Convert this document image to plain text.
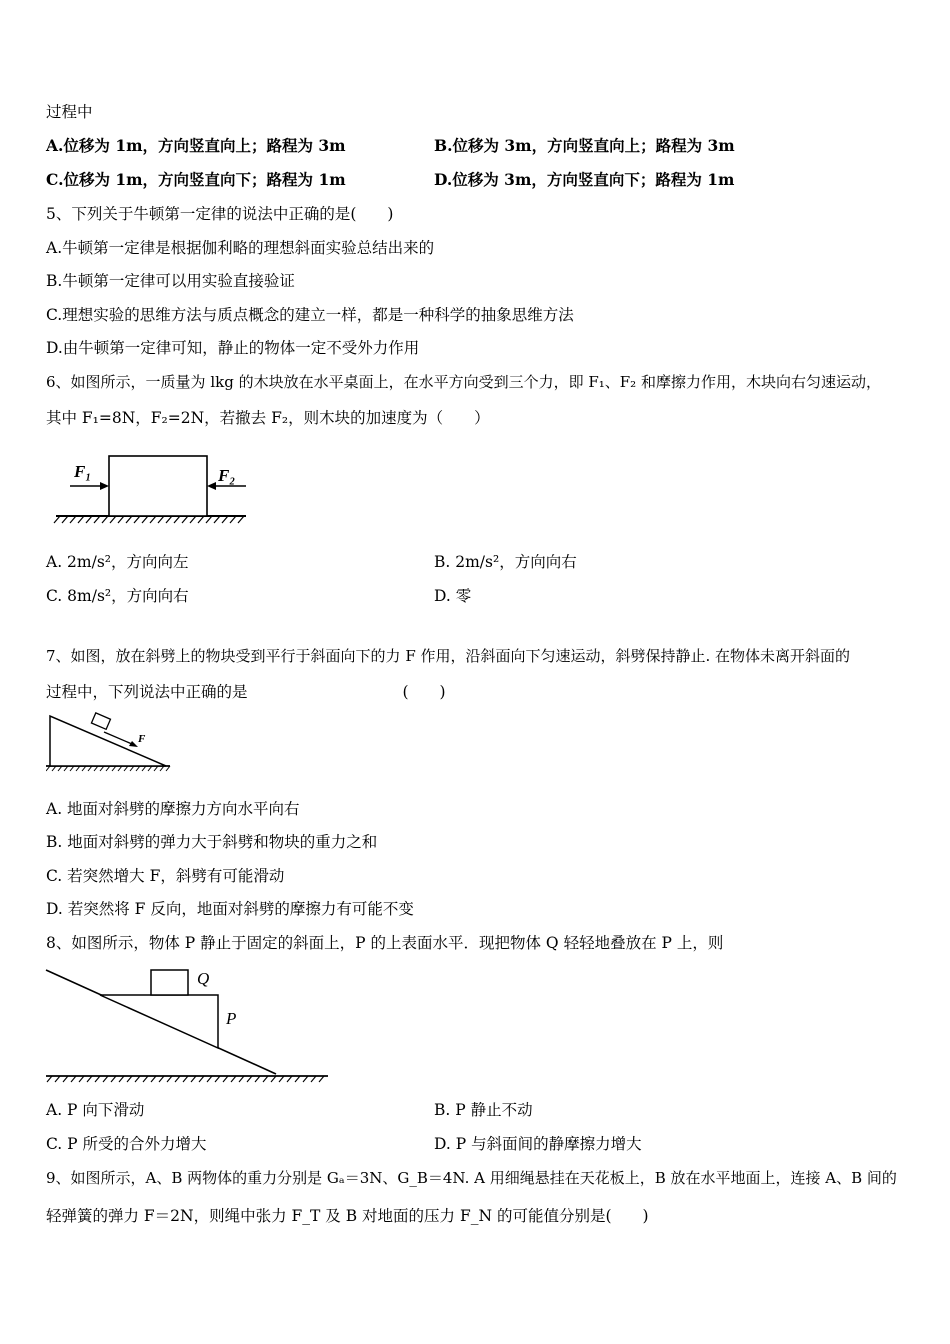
过程中
A.位移为 1m，方向竖直向上；路程为 3m	B.位移为 3m，方向竖直向上；路程为 3m
C.位移为 1m，方向竖直向下；路程为 1m	D.位移为 3m，方向竖直向下；路程为 1m
5、下列关于牛顿第一定律的说法中正确的是(　　)
A.牛顿第一定律是根据伽利略的理想斜面实验总结出来的
B.牛顿第一定律可以用实验直接验证
C.理想实验的思维方法与质点概念的建立一样，都是一种科学的抽象思维方法
D.由牛顿第一定律可知，静止的物体一定不受外力作用
6、如图所示，一质量为 lkg 的木块放在水平桌面上，在水平方向受到三个力，即 F₁、F₂ 和摩擦力作用，木块向右匀速运动，
其中 F₁=8N，F₂=2N，若撤去 F₂，则木块的加速度为（　　）
F₁	F₂
A. 2m/s²，方向向左	B. 2m/s²，方向向右
C. 8m/s²，方向向右	D. 零
7、如图，放在斜劈上的物块受到平行于斜面向下的力 F 作用，沿斜面向下匀速运动，斜劈保持静止. 在物体未离开斜面的
过程中，下列说法中正确的是　　　　　　　　　　(　　)
F
A. 地面对斜劈的摩擦力方向水平向右
B. 地面对斜劈的弹力大于斜劈和物块的重力之和
C. 若突然增大 F，斜劈有可能滑动
D. 若突然将 F 反向，地面对斜劈的摩擦力有可能不变
8、如图所示，物体 P 静止于固定的斜面上，P 的上表面水平．现把物体 Q 轻轻地叠放在 P 上，则
Q
P
A. P 向下滑动	B. P 静止不动
C. P 所受的合外力增大	D. P 与斜面间的静摩擦力增大
9、如图所示，A、B 两物体的重力分别是 Gₐ＝3N、G_B＝4N. A 用细绳悬挂在天花板上，B 放在水平地面上，连接 A、B 间的
轻弹簧的弹力 F＝2N，则绳中张力 F_T 及 B 对地面的压力 F_N 的可能值分别是(　　)
